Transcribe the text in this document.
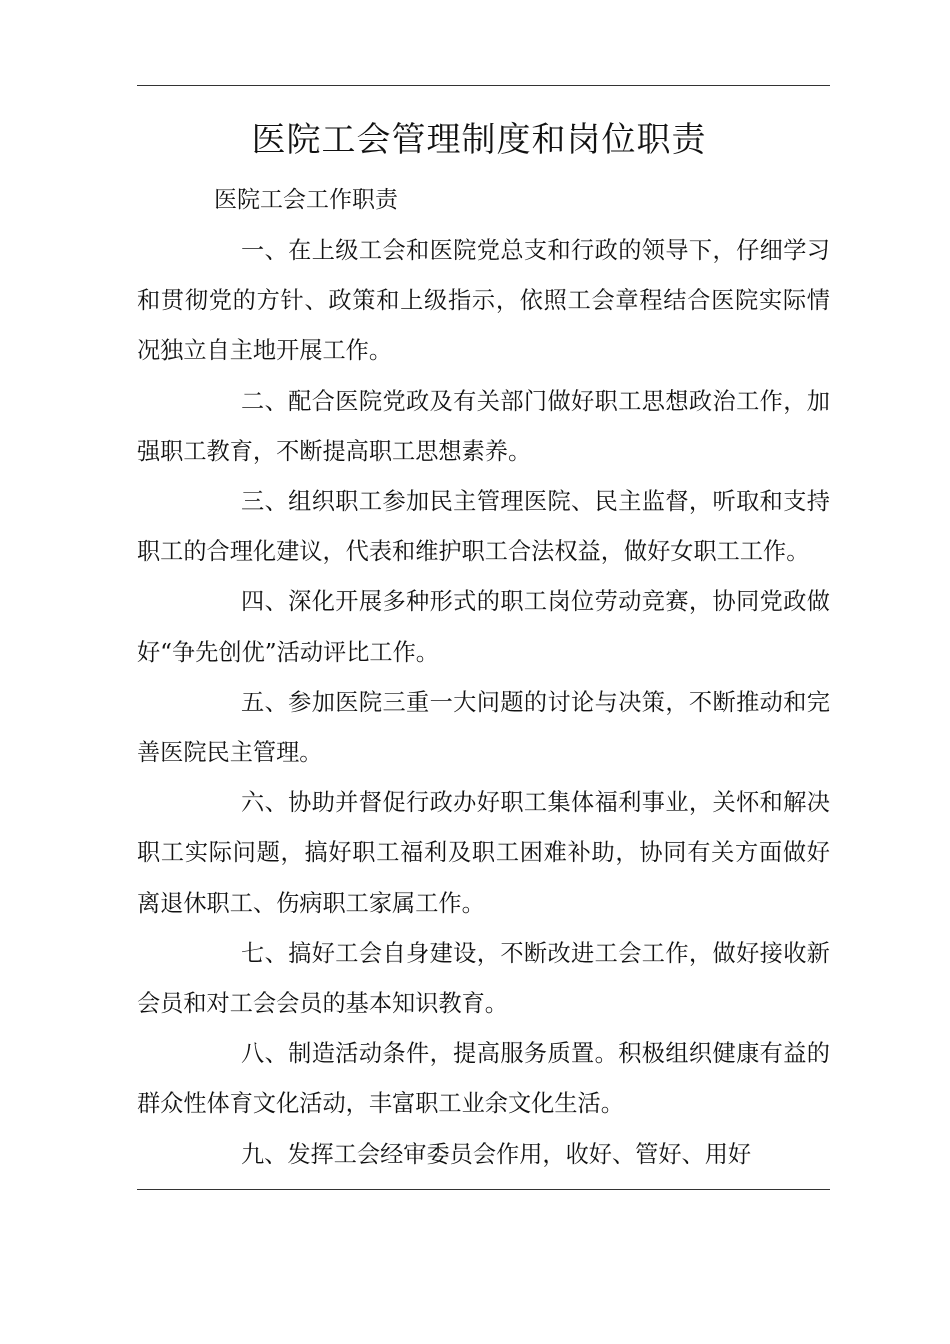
医院工会管理制度和岗位职责
医院工会工作职责

一、在上级工会和医院党总支和行政的领导下，仔细学习和贯彻党的方针、政策和上级指示，依照工会章程结合医院实际情况独立自主地开展工作。

二、配合医院党政及有关部门做好职工思想政治工作，加强职工教育，不断提高职工思想素养。

三、组织职工参加民主管理医院、民主监督，听取和支持职工的合理化建议，代表和维护职工合法权益，做好女职工工作。

四、深化开展多种形式的职工岗位劳动竞赛，协同党政做好“争先创优”活动评比工作。

五、参加医院三重一大问题的讨论与决策，不断推动和完善医院民主管理。

六、协助并督促行政办好职工集体福利事业，关怀和解决职工实际问题，搞好职工福利及职工困难补助，协同有关方面做好离退休职工、伤病职工家属工作。

七、搞好工会自身建设，不断改进工会工作，做好接收新会员和对工会会员的基本知识教育。

八、制造活动条件，提高服务质置。积极组织健康有益的群众性体育文化活动，丰富职工业余文化生活。

九、发挥工会经审委员会作用，收好、管好、用好
